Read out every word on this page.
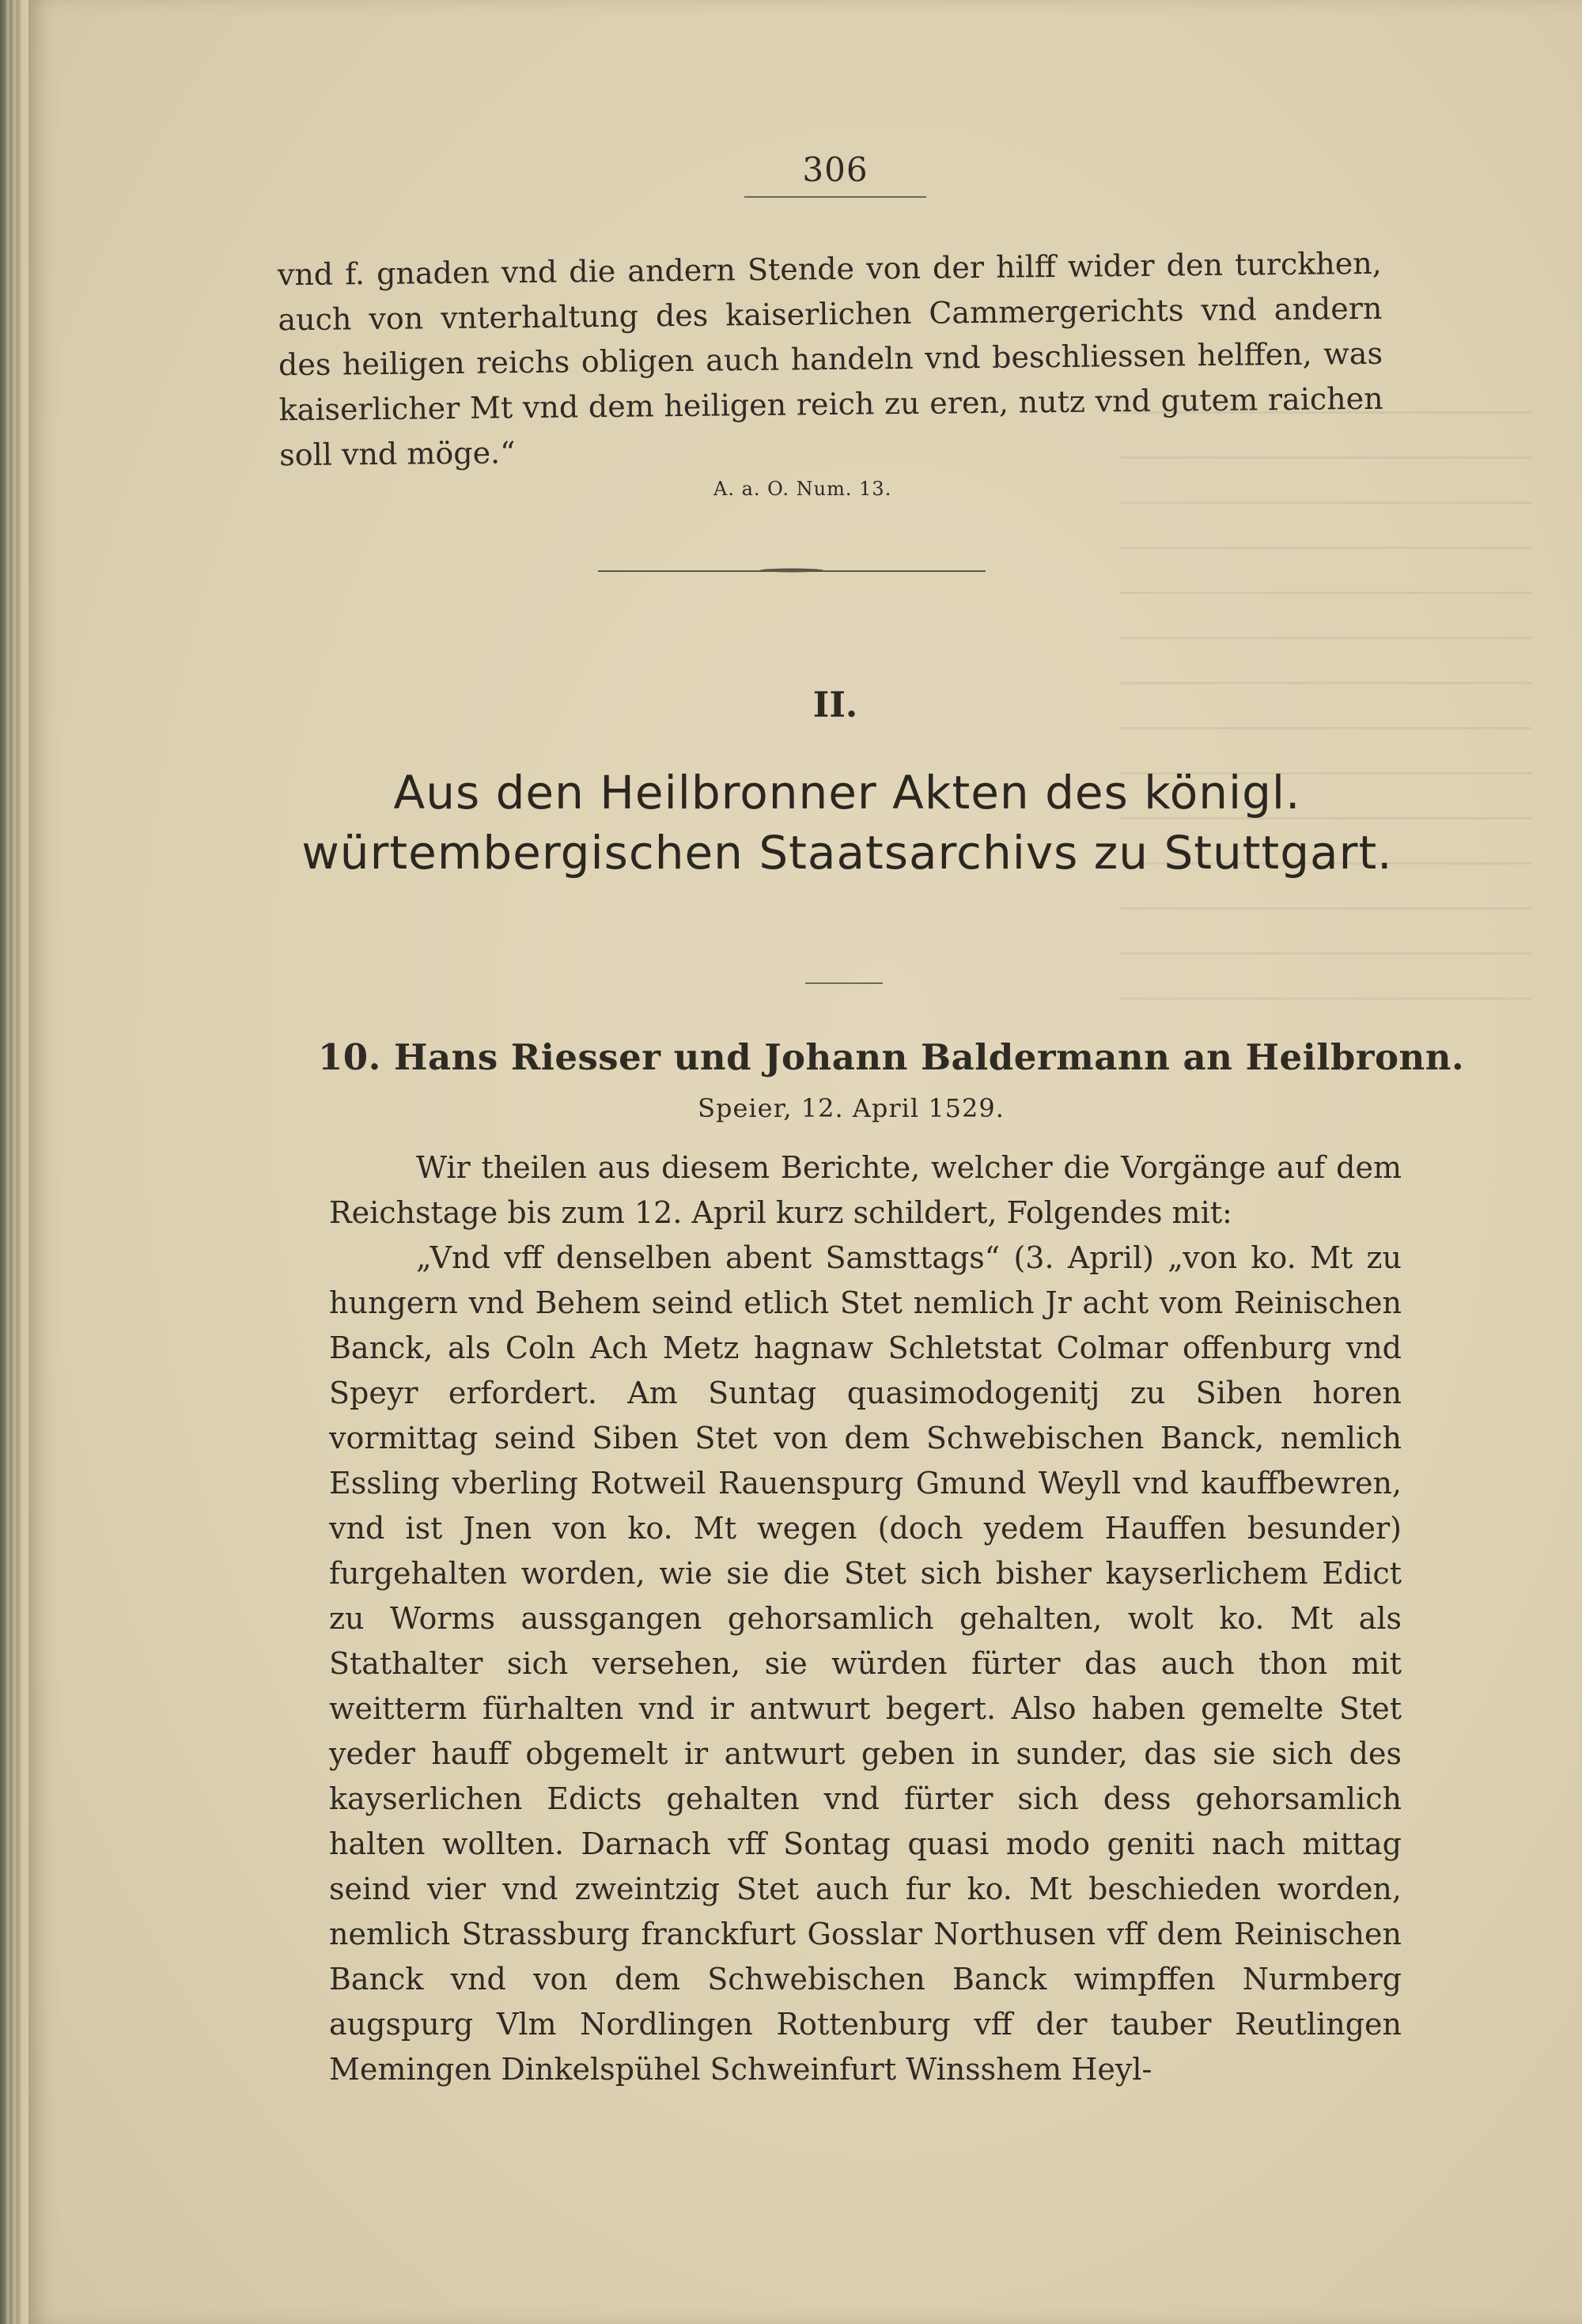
306
vnd f. gnaden vnd die andern Stende von der hilff wider den turckhen, auch von vnterhaltung des kaiserlichen Cammergerichts vnd andern des heiligen reichs obligen auch handeln vnd beschliessen helffen, was kaiserlicher Mt vnd dem heiligen reich zu eren, nutz vnd gutem raichen soll vnd möge.“
A. a. O. Num. 13.
II.
Aus den Heilbronner Akten des königl. würtembergischen Staatsarchivs zu Stuttgart.
10. Hans Riesser und Johann Baldermann an Heilbronn.
Speier, 12. April 1529.

Wir theilen aus diesem Berichte, welcher die Vorgänge auf dem Reichstage bis zum 12. April kurz schildert, Folgendes mit:

„Vnd vff denselben abent Samsttags“ (3. April) „von ko. Mt zu hungern vnd Behem seind etlich Stet nemlich Jr acht vom Reinischen Banck, als Coln Ach Metz hagnaw Schletstat Colmar offenburg vnd Speyr erfordert. Am Suntag quasimodogenitj zu Siben horen vormittag seind Siben Stet von dem Schwebischen Banck, nemlich Essling vberling Rotweil Rauenspurg Gmund Weyll vnd kauffbewren, vnd ist Jnen von ko. Mt wegen (doch yedem Hauffen besunder) furgehalten worden, wie sie die Stet sich bisher kayserlichem Edict zu Worms aussgangen gehorsamlich gehalten, wolt ko. Mt als Stathalter sich versehen, sie würden fürter das auch thon mit weitterm fürhalten vnd ir antwurt begert. Also haben gemelte Stet yeder hauff obgemelt ir antwurt geben in sunder, das sie sich des kayserlichen Edicts gehalten vnd fürter sich dess gehorsamlich halten wollten. Darnach vff Sontag quasi modo geniti nach mittag seind vier vnd zweintzig Stet auch fur ko. Mt beschieden worden, nemlich Strassburg franckfurt Gosslar Northusen vff dem Reinischen Banck vnd von dem Schwebischen Banck wimpffen Nurmberg augspurg Vlm Nordlingen Rottenburg vff der tauber Reutlingen Memingen Dinkelspühel Schweinfurt Winsshem Heyl-
